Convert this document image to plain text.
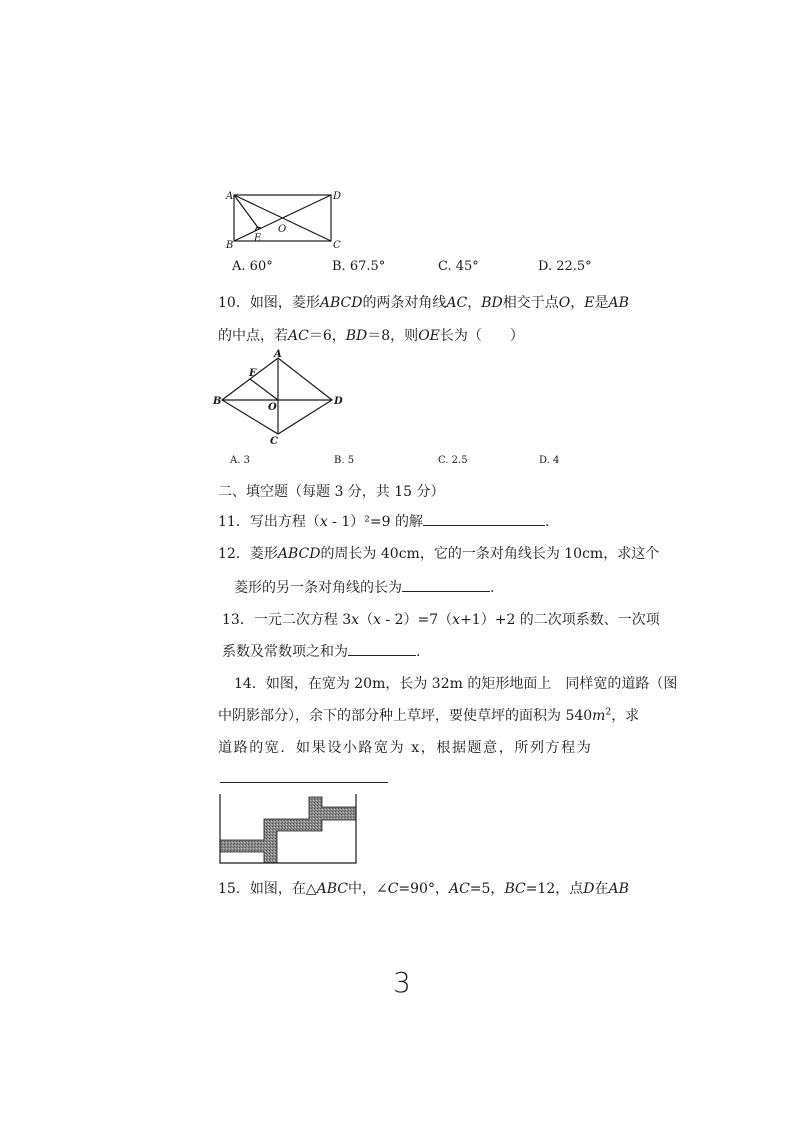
A	D
B	C
E
O
A. 60°	B. 67.5°	C. 45°	D. 22.5°
10．如图，菱形ABCD的两条对角线AC，BD相交于点O，E是AB
的中点，若AC＝6，BD＝8，则OE长为（　　）
A
E
B
O
D
C
A. 3	B. 5	C. 2.5	D. 4
二、填空题（每题 3 分，共 15 分）
11．写出方程（x - 1）²=9 的解	.
12．菱形ABCD的周长为 40cm，它的一条对角线长为 10cm，求这个
菱形的另一条对角线的长为	.
13．一元二次方程 3x（x - 2）=7（x+1）+2 的二次项系数、一次项
系数及常数项之和为	.
14．如图，在宽为 20m，长为 32m 的矩形地面上　同样宽的道路（图
中阴影部分），余下的部分种上草坪，要使草坪的面积为 $540m^2$，求
道路的宽．如果设小路宽为 x，根据题意，所列方程为
15．如图，在△ABC中，∠C=90°，AC=5，BC=12，点D在AB
3
